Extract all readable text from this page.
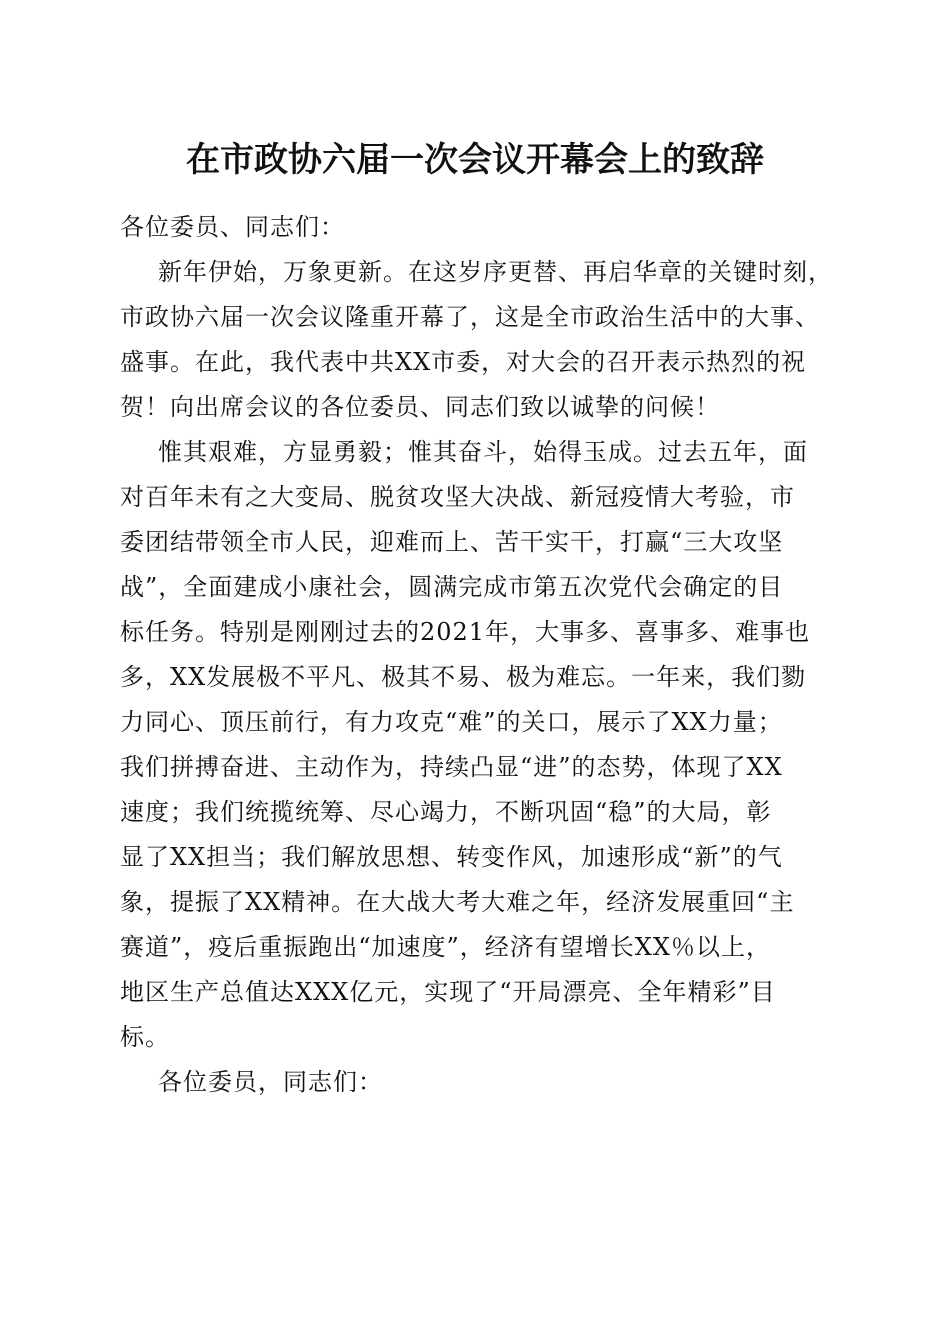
在市政协六届一次会议开幕会上的致辞
各位委员、同志们：
新年伊始，万象更新。在这岁序更替、再启华章的关键时刻，
市政协六届一次会议隆重开幕了，这是全市政治生活中的大事、
盛事。在此，我代表中共XX市委，对大会的召开表示热烈的祝
贺！向出席会议的各位委员、同志们致以诚挚的问候！
惟其艰难，方显勇毅；惟其奋斗，始得玉成。过去五年，面
对百年未有之大变局、脱贫攻坚大决战、新冠疫情大考验，市
委团结带领全市人民，迎难而上、苦干实干，打赢“三大攻坚
战”，全面建成小康社会，圆满完成市第五次党代会确定的目
标任务。特别是刚刚过去的2021年，大事多、喜事多、难事也
多，XX发展极不平凡、极其不易、极为难忘。一年来，我们勠
力同心、顶压前行，有力攻克“难”的关口，展示了XX力量；
我们拼搏奋进、主动作为，持续凸显“进”的态势，体现了XX
速度；我们统揽统筹、尽心竭力，不断巩固“稳”的大局，彰
显了XX担当；我们解放思想、转变作风，加速形成“新”的气
象，提振了XX精神。在大战大考大难之年，经济发展重回“主
赛道”，疫后重振跑出“加速度”，经济有望增长XX％以上，
地区生产总值达XXX亿元，实现了“开局漂亮、全年精彩”目
标。
各位委员，同志们：
